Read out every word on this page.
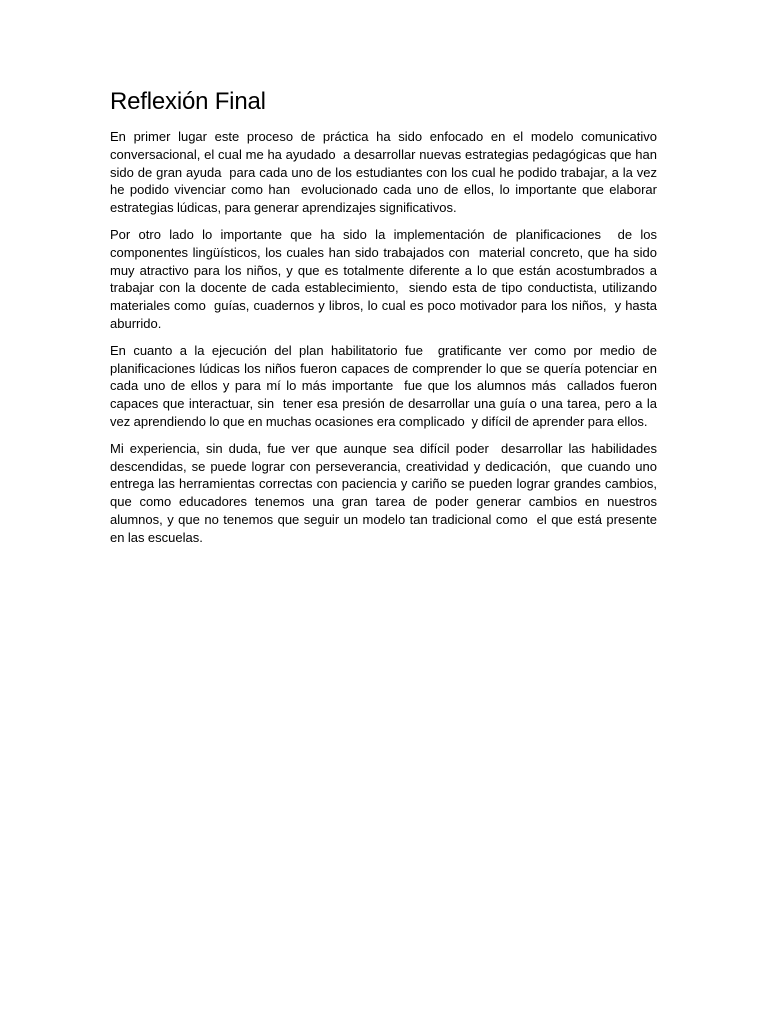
Reflexión Final

En primer lugar este proceso de práctica ha sido enfocado en el modelo comunicativo conversacional, el cual me ha ayudado  a desarrollar nuevas estrategias pedagógicas que han sido de gran ayuda  para cada uno de los estudiantes con los cual he podido trabajar, a la vez he podido vivenciar como han  evolucionado cada uno de ellos, lo importante que elaborar estrategias lúdicas, para generar aprendizajes significativos.

Por otro lado lo importante que ha sido la implementación de planificaciones  de los componentes lingüísticos, los cuales han sido trabajados con  material concreto, que ha sido muy atractivo para los niños, y que es totalmente diferente a lo que están acostumbrados a trabajar con la docente de cada establecimiento,  siendo esta de tipo conductista, utilizando materiales como  guías, cuadernos y libros, lo cual es poco motivador para los niños,  y hasta aburrido.

En cuanto a la ejecución del plan habilitatorio fue  gratificante ver como por medio de planificaciones lúdicas los niños fueron capaces de comprender lo que se quería potenciar en cada uno de ellos y para mí lo más importante  fue que los alumnos más  callados fueron capaces que interactuar, sin  tener esa presión de desarrollar una guía o una tarea, pero a la vez aprendiendo lo que en muchas ocasiones era complicado  y difícil de aprender para ellos.

Mi experiencia, sin duda, fue ver que aunque sea difícil poder  desarrollar las habilidades descendidas, se puede lograr con perseverancia, creatividad y dedicación,  que cuando uno entrega las herramientas correctas con paciencia y cariño se pueden lograr grandes cambios, que como educadores tenemos una gran tarea de poder generar cambios en nuestros alumnos, y que no tenemos que seguir un modelo tan tradicional como  el que está presente en las escuelas.
